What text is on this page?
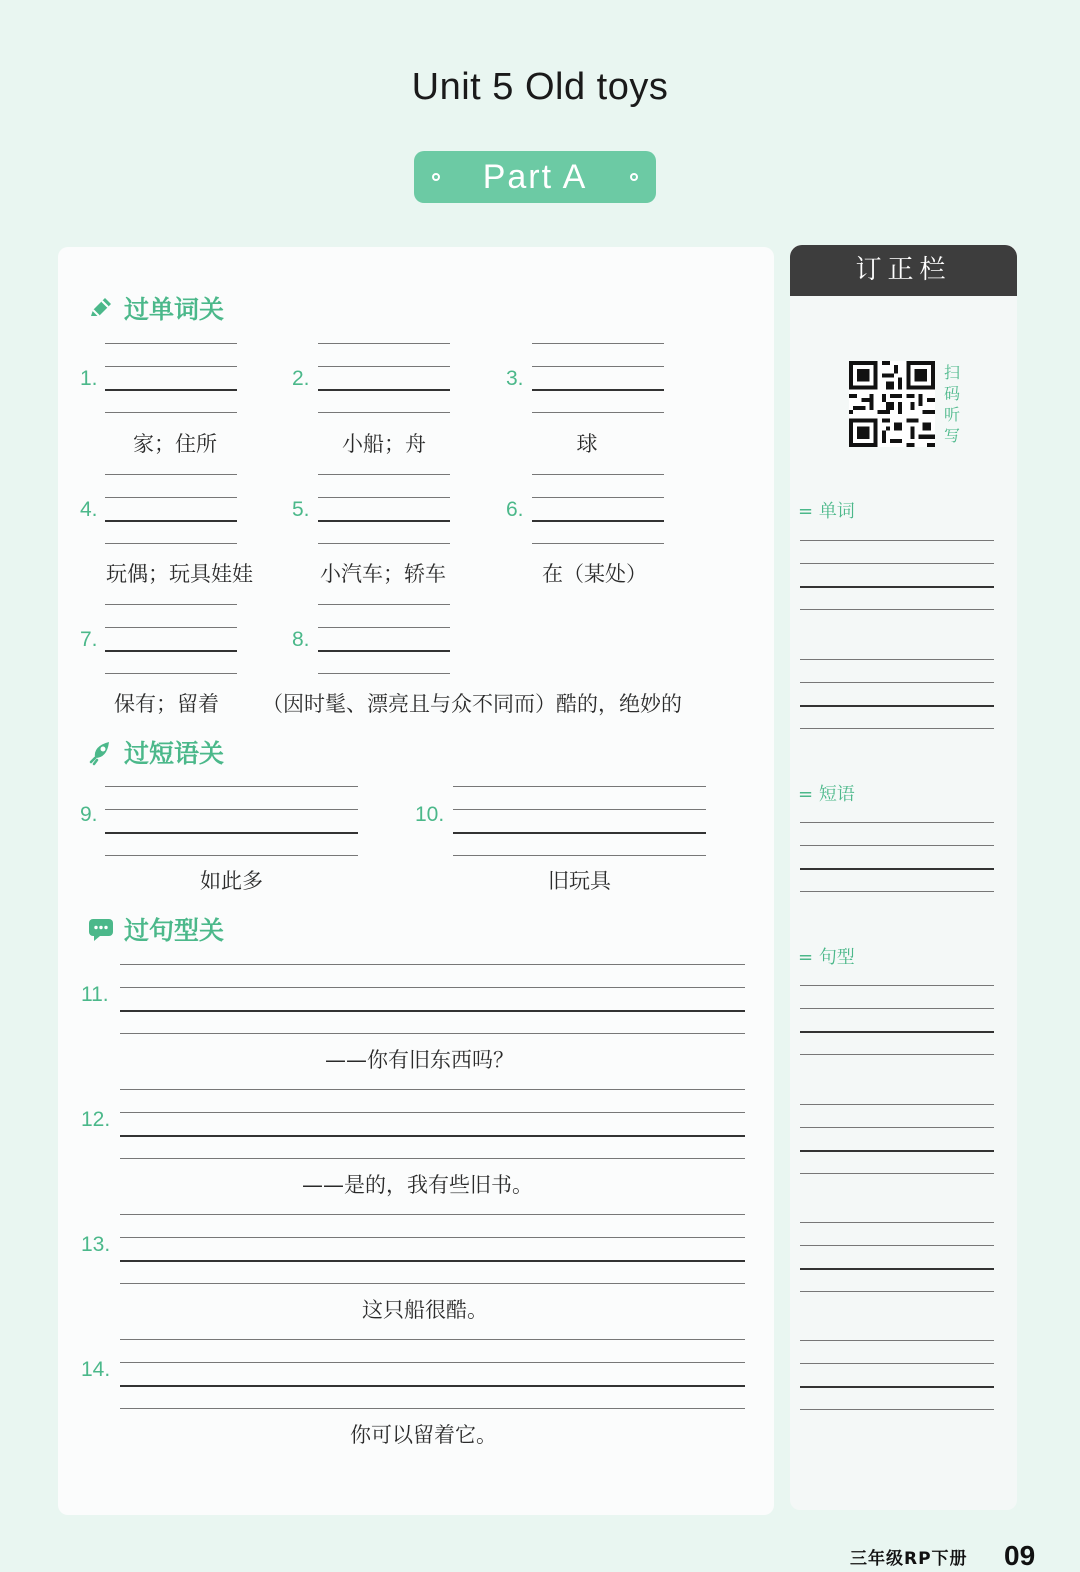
Unit 5 Old toys
Part A
订正栏
过单词关
1.
家；住所
2.
小船；舟
3.
球
4.
玩偶；玩具娃娃
5.
小汽车；轿车
6.
在（某处）
7.
保有；留着
8.
（因时髦、漂亮且与众不同而）酷的，绝妙的
过短语关
9.
如此多
10.
旧玩具
过句型关
11.
——你有旧东西吗？
12.
——是的，我有些旧书。
13.
这只船很酷。
14.
你可以留着它。
扫码听写
= 单词
= 短语
= 句型
三年级RP下册 09
